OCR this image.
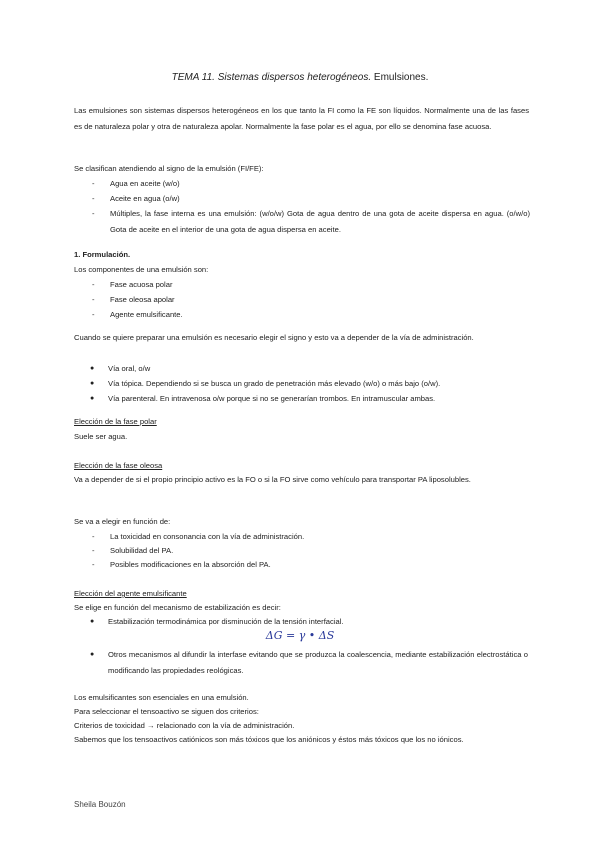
TEMA 11. Sistemas dispersos heterogéneos. Emulsiones.
Las emulsiones son sistemas dispersos heterogéneos en los que tanto la FI como la FE son líquidos. Normalmente una de las fases es de naturaleza polar y otra de naturaleza apolar. Normalmente la fase polar es el agua, por ello se denomina fase acuosa.
Se clasifican atendiendo al signo de la emulsión (FI/FE):
- Agua en aceite (w/o)
- Aceite en agua (o/w)
- Múltiples, la fase interna es una emulsión: (w/o/w) Gota de agua dentro de una gota de aceite dispersa en agua. (o/w/o) Gota de aceite en el interior de una gota de agua dispersa en aceite.
1. Formulación.
Los componentes de una emulsión son:
- Fase acuosa polar
- Fase oleosa apolar
- Agente emulsificante.
Cuando se quiere preparar una emulsión es necesario elegir el signo y esto va a depender de la vía de administración.
● Vía oral, o/w
● Vía tópica. Dependiendo si se busca un grado de penetración más elevado (w/o) o más bajo (o/w).
● Vía parenteral. En intravenosa o/w porque si no se generarían trombos. En intramuscular ambas.
Elección de la fase polar
Suele ser agua.
Elección de la fase oleosa
Va a depender de si el propio principio activo es la FO o si la FO sirve como vehículo para transportar PA liposolubles.
Se va a elegir en función de:
- La toxicidad en consonancia con la vía de administración.
- Solubilidad del PA.
- Posibles modificaciones en la absorción del PA.
Elección del agente emulsificante
Se elige en función del mecanismo de estabilización es decir:
● Estabilización termodinámica por disminución de la tensión interfacial.
ΔG = γ • ΔS
● Otros mecanismos al difundir la interfase evitando que se produzca la coalescencia, mediante estabilización electrostática o modificando las propiedades reológicas.
Los emulsificantes son esenciales en una emulsión.
Para seleccionar el tensoactivo se siguen dos criterios:
Criterios de toxicidad → relacionado con la vía de administración.
Sabemos que los tensoactivos catiónicos son más tóxicos que los aniónicos y éstos más tóxicos que los no iónicos.
Sheila Bouzón
